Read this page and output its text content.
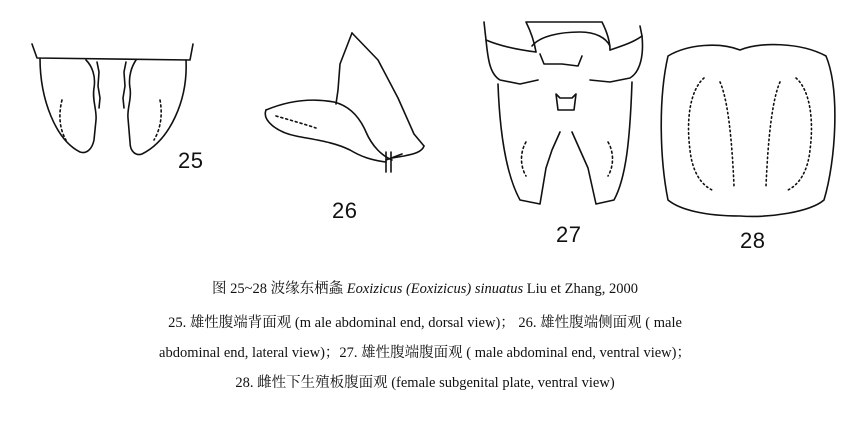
25
26
27	28
图 25~28 波缘东栖螽 Eoxizicus (Eoxizicus) sinuatus Liu et Zhang, 2000
25. 雄性腹端背面观 (m ale abdominal end, dorsal view)； 26. 雄性腹端侧面观 ( male
abdominal end, lateral view)；27. 雄性腹端腹面观 ( male abdominal end, ventral view)；
28. 雌性下生殖板腹面观 (female subgenital plate, ventral view)
